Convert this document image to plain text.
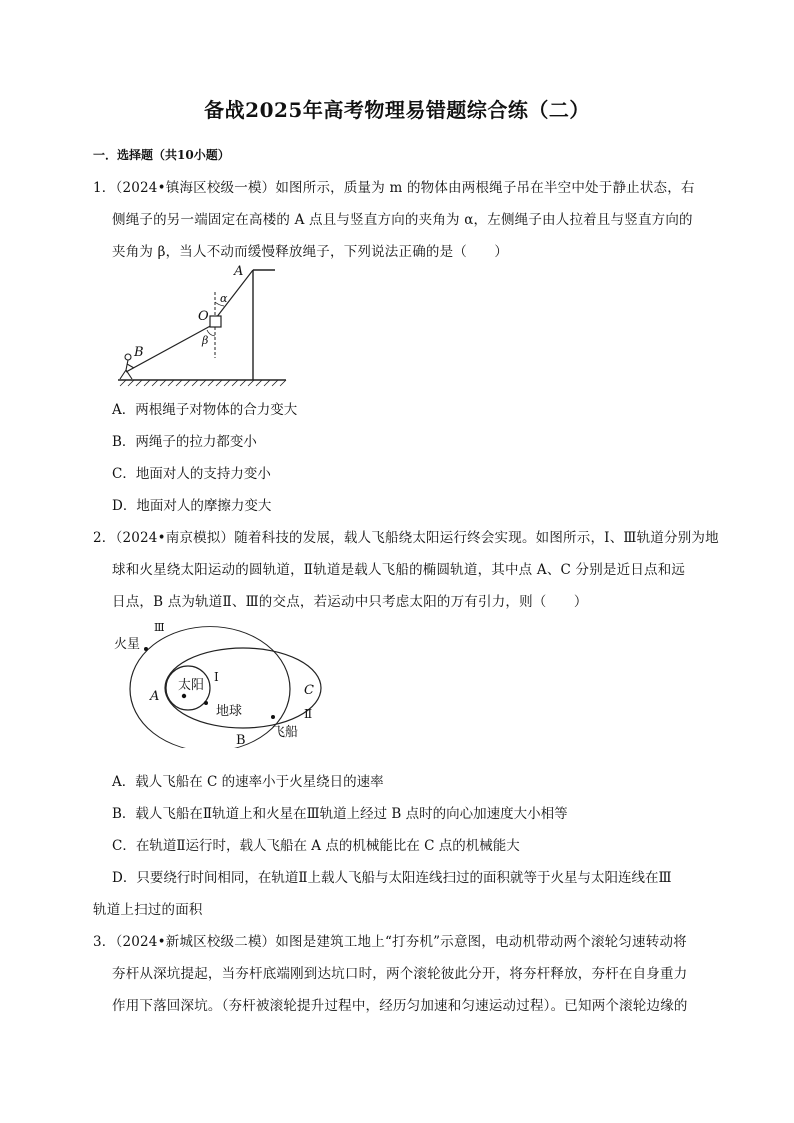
备战2025年高考物理易错题综合练（二）
一．选择题（共10小题）
1．（2024•镇海区校级一模）如图所示，质量为 m 的物体由两根绳子吊在半空中处于静止状态，右
侧绳子的另一端固定在高楼的 A 点且与竖直方向的夹角为 α，左侧绳子由人拉着且与竖直方向的
夹角为 β，当人不动而缓慢释放绳子，下列说法正确的是（　　）
A
O
B
α
β
A．两根绳子对物体的合力变大
B．两绳子的拉力都变小
C．地面对人的支持力变小
D．地面对人的摩擦力变大
2．（2024•南京模拟）随着科技的发展，载人飞船绕太阳运行终会实现。如图所示，Ⅰ、Ⅲ轨道分别为地
球和火星绕太阳运动的圆轨道，Ⅱ轨道是载人飞船的椭圆轨道，其中点 A、C 分别是近日点和远
日点，B 点为轨道Ⅱ、Ⅲ的交点，若运动中只考虑太阳的万有引力，则（　　）
火星
Ⅲ
太阳
Ⅰ
A
地球
C
Ⅱ
B
飞船
A．载人飞船在 C 的速率小于火星绕日的速率
B．载人飞船在Ⅱ轨道上和火星在Ⅲ轨道上经过 B 点时的向心加速度大小相等
C．在轨道Ⅱ运行时，载人飞船在 A 点的机械能比在 C 点的机械能大
D．只要绕行时间相同，在轨道Ⅱ上载人飞船与太阳连线扫过的面积就等于火星与太阳连线在Ⅲ
轨道上扫过的面积
3．（2024•新城区校级二模）如图是建筑工地上“打夯机”示意图，电动机带动两个滚轮匀速转动将
夯杆从深坑提起，当夯杆底端刚到达坑口时，两个滚轮彼此分开，将夯杆释放，夯杆在自身重力
作用下落回深坑。（夯杆被滚轮提升过程中，经历匀加速和匀速运动过程）。已知两个滚轮边缘的
